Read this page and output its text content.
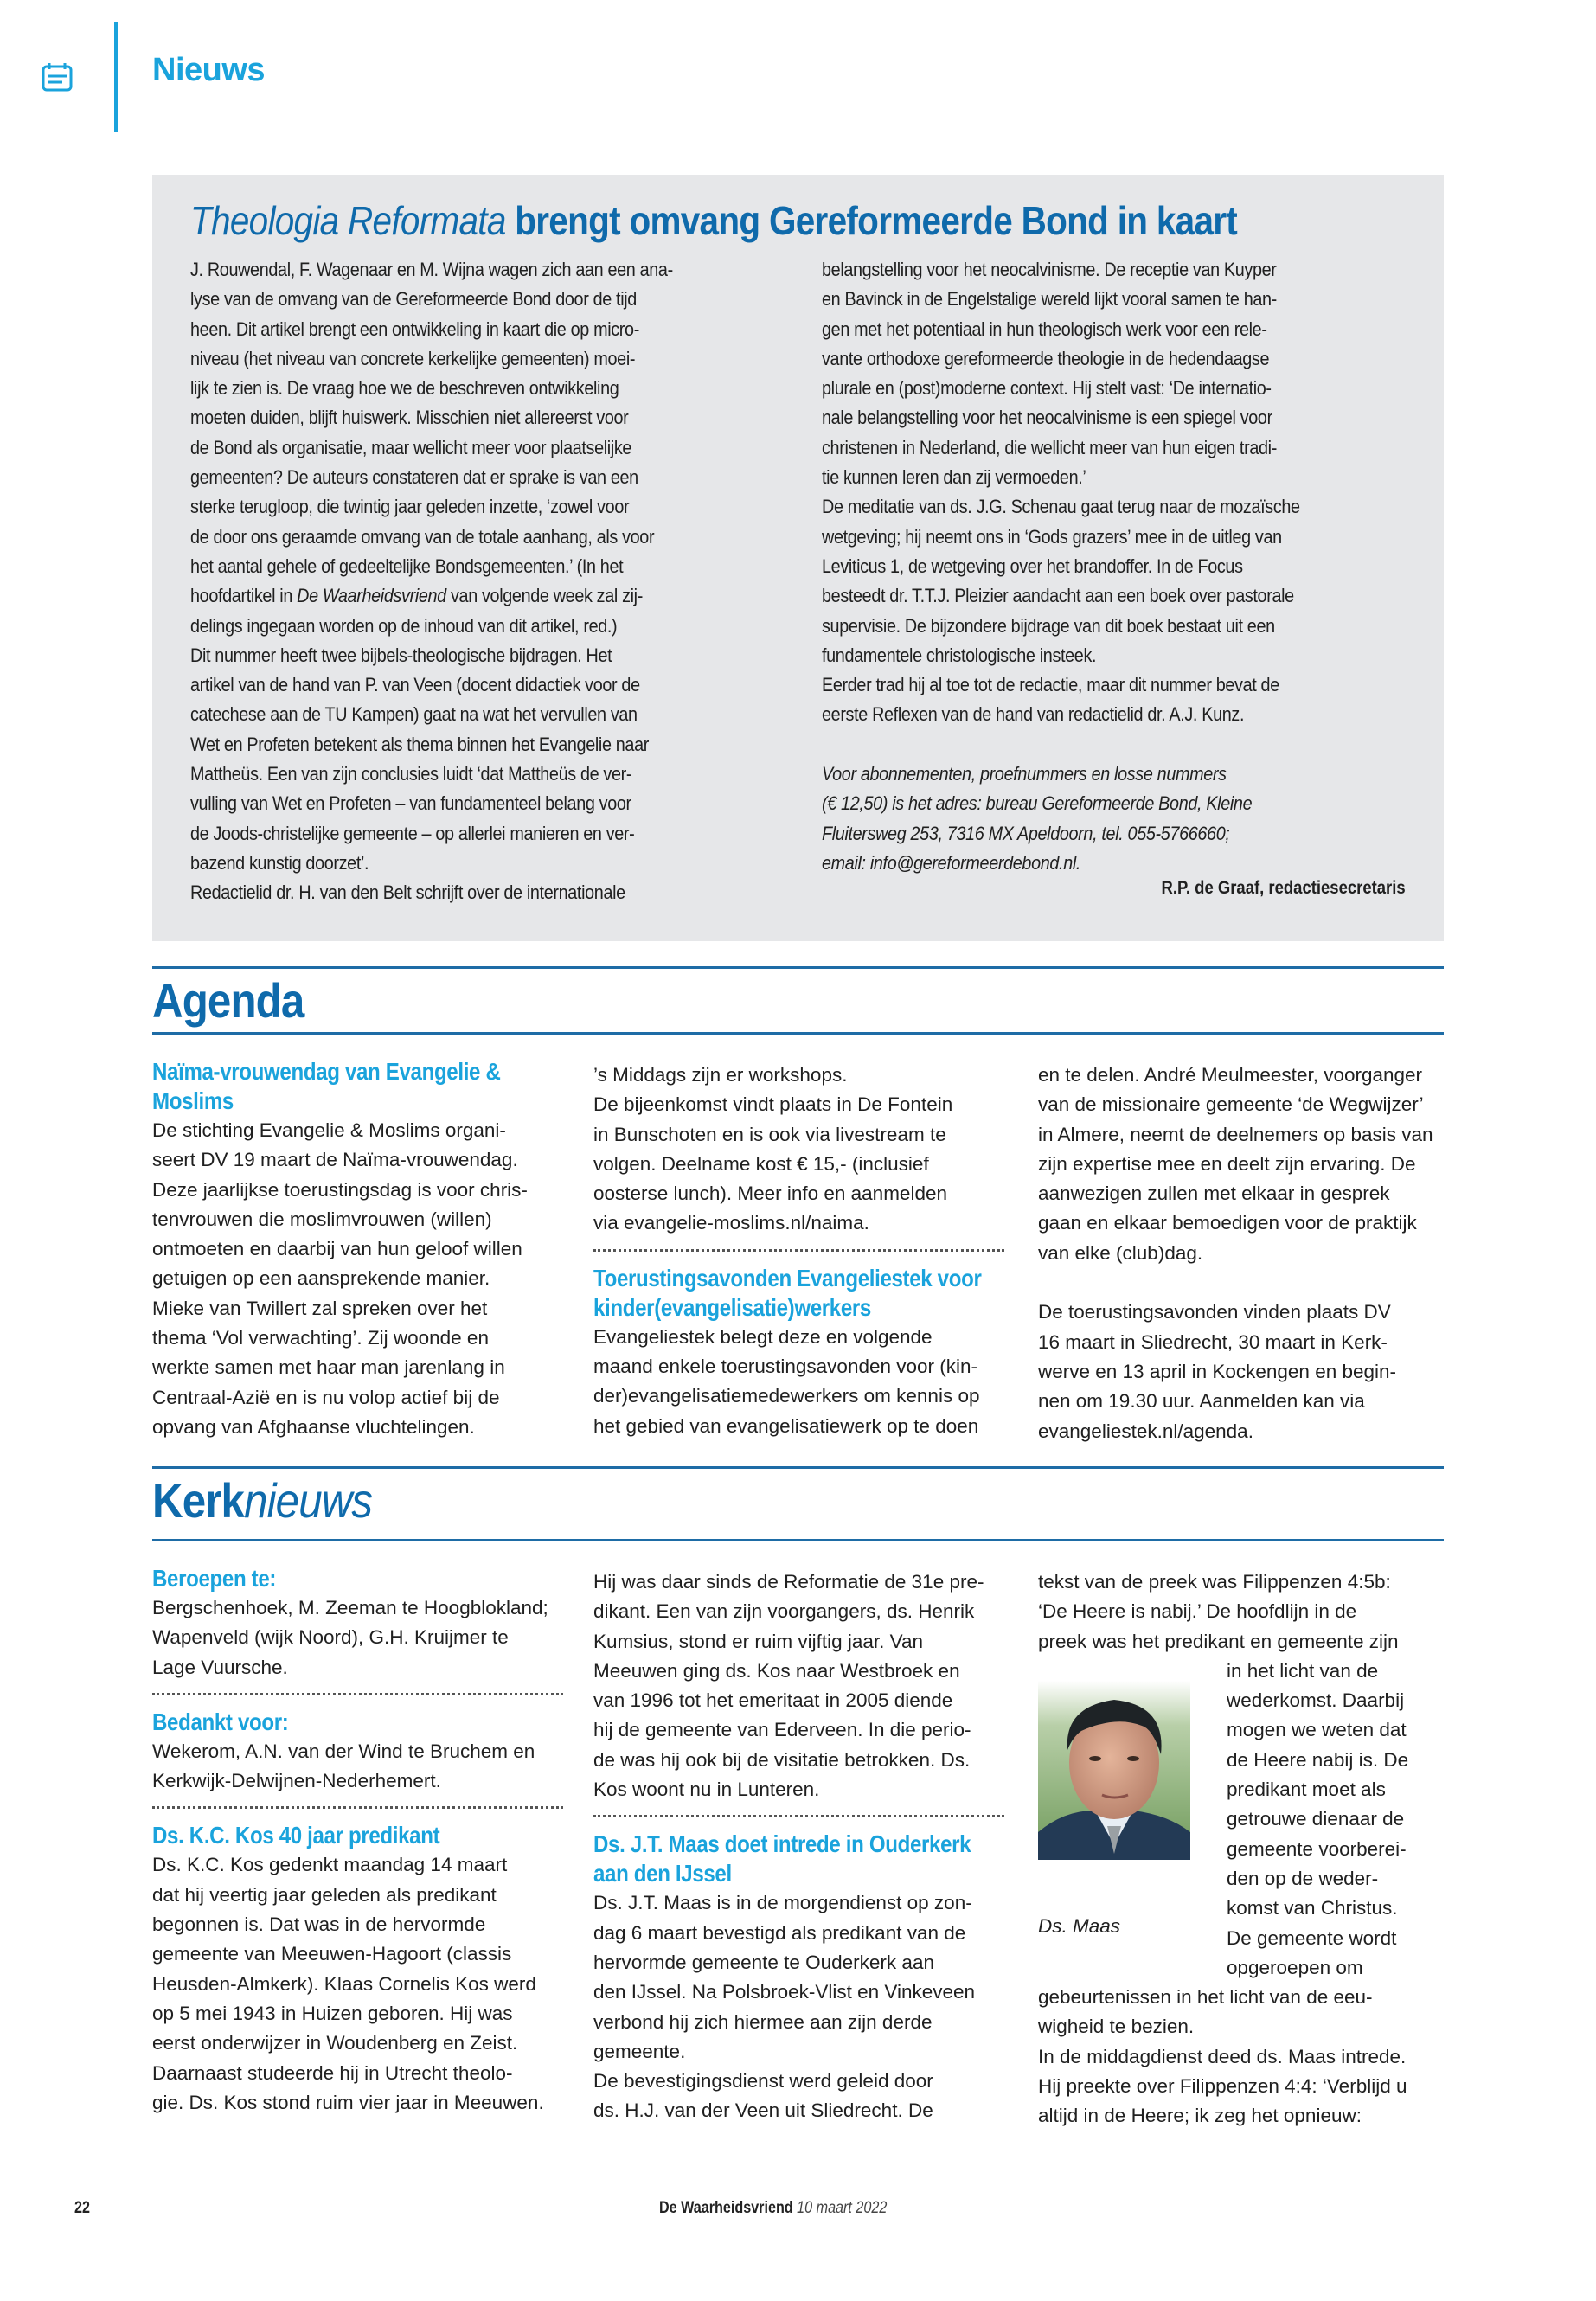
Nieuws
Theologia Reformata brengt omvang Gereformeerde Bond in kaart
J. Rouwendal, F. Wagenaar en M. Wijna wagen zich aan een ana-
lyse van de omvang van de Gereformeerde Bond door de tijd
heen. Dit artikel brengt een ontwikkeling in kaart die op micro-
niveau (het niveau van concrete kerkelijke gemeenten) moei-
lijk te zien is. De vraag hoe we de beschreven ontwikkeling
moeten duiden, blijft huiswerk. Misschien niet allereerst voor
de Bond als organisatie, maar wellicht meer voor plaatselijke
gemeenten? De auteurs constateren dat er sprake is van een
sterke terugloop, die twintig jaar geleden inzette, ‘zowel voor
de door ons geraamde omvang van de totale aanhang, als voor
het aantal gehele of gedeeltelijke Bondsgemeenten.’ (In het
hoofdartikel in De Waarheidsvriend van volgende week zal zij-
delings ingegaan worden op de inhoud van dit artikel, red.)
Dit nummer heeft twee bijbels-theologische bijdragen. Het
artikel van de hand van P. van Veen (docent didactiek voor de
catechese aan de TU Kampen) gaat na wat het vervullen van
Wet en Profeten betekent als thema binnen het Evangelie naar
Mattheüs. Een van zijn conclusies luidt ‘dat Mattheüs de ver-
vulling van Wet en Profeten – van fundamenteel belang voor
de Joods-christelijke gemeente – op allerlei manieren en ver-
bazend kunstig doorzet’.
Redactielid dr. H. van den Belt schrijft over de internationale
belangstelling voor het neocalvinisme. De receptie van Kuyper
en Bavinck in de Engelstalige wereld lijkt vooral samen te han-
gen met het potentiaal in hun theologisch werk voor een rele-
vante orthodoxe gereformeerde theologie in de hedendaagse
plurale en (post)moderne context. Hij stelt vast: ‘De internatio-
nale belangstelling voor het neocalvinisme is een spiegel voor
christenen in Nederland, die wellicht meer van hun eigen tradi-
tie kunnen leren dan zij vermoeden.’
De meditatie van ds. J.G. Schenau gaat terug naar de mozaïsche
wetgeving; hij neemt ons in ‘Gods grazers’ mee in de uitleg van
Leviticus 1, de wetgeving over het brandoffer. In de Focus
besteedt dr. T.T.J. Pleizier aandacht aan een boek over pastorale
supervisie. De bijzondere bijdrage van dit boek bestaat uit een
fundamentele christologische insteek.
Eerder trad hij al toe tot de redactie, maar dit nummer bevat de
eerste Reflexen van de hand van redactielid dr. A.J. Kunz.
Voor abonnementen, proefnummers en losse nummers
(€ 12,50) is het adres: bureau Gereformeerde Bond, Kleine
Fluitersweg 253, 7316 MX Apeldoorn, tel. 055-5766660;
email: info@gereformeerdebond.nl.
R.P. de Graaf, redactiesecretaris
Agenda
Naïma-vrouwendag van Evangelie &
Moslims
De stichting Evangelie & Moslims organi-
seert DV 19 maart de Naïma-vrouwendag.
Deze jaarlijkse toerustingsdag is voor chris-
tenvrouwen die moslimvrouwen (willen)
ontmoeten en daarbij van hun geloof willen
getuigen op een aansprekende manier.
Mieke van Twillert zal spreken over het
thema ‘Vol verwachting’. Zij woonde en
werkte samen met haar man jarenlang in
Centraal-Azië en is nu volop actief bij de
opvang van Afghaanse vluchtelingen.
’s Middags zijn er workshops.
De bijeenkomst vindt plaats in De Fontein
in Bunschoten en is ook via livestream te
volgen. Deelname kost € 15,- (inclusief
oosterse lunch). Meer info en aanmelden
via evangelie-moslims.nl/naima.
Toerustingsavonden Evangeliestek voor
kinder(evangelisatie)werkers
Evangeliestek belegt deze en volgende
maand enkele toerustingsavonden voor (kin-
der)evangelisatiemedewerkers om kennis op
het gebied van evangelisatiewerk op te doen
en te delen. André Meulmeester, voorganger
van de missionaire gemeente ‘de Wegwijzer’
in Almere, neemt de deelnemers op basis van
zijn expertise mee en deelt zijn ervaring. De
aanwezigen zullen met elkaar in gesprek
gaan en elkaar bemoedigen voor de praktijk
van elke (club)dag.
De toerustingsavonden vinden plaats DV
16 maart in Sliedrecht, 30 maart in Kerk-
werve en 13 april in Kockengen en begin-
nen om 19.30 uur. Aanmelden kan via
evangeliestek.nl/agenda.
Kerknieuws
Beroepen te:
Bergschenhoek, M. Zeeman te Hoogblokland;
Wapenveld (wijk Noord), G.H. Kruijmer te
Lage Vuursche.
Bedankt voor:
Wekerom, A.N. van der Wind te Bruchem en
Kerkwijk-Delwijnen-Nederhemert.
Ds. K.C. Kos 40 jaar predikant
Ds. K.C. Kos gedenkt maandag 14 maart
dat hij veertig jaar geleden als predikant
begonnen is. Dat was in de hervormde
gemeente van Meeuwen-Hagoort (classis
Heusden-Almkerk). Klaas Cornelis Kos werd
op 5 mei 1943 in Huizen geboren. Hij was
eerst onderwijzer in Woudenberg en Zeist.
Daarnaast studeerde hij in Utrecht theolo-
gie. Ds. Kos stond ruim vier jaar in Meeuwen.
Hij was daar sinds de Reformatie de 31e pre-
dikant. Een van zijn voorgangers, ds. Henrik
Kumsius, stond er ruim vijftig jaar. Van
Meeuwen ging ds. Kos naar Westbroek en
van 1996 tot het emeritaat in 2005 diende
hij de gemeente van Ederveen. In die perio-
de was hij ook bij de visitatie betrokken. Ds.
Kos woont nu in Lunteren.
Ds. J.T. Maas doet intrede in Ouderkerk
aan den IJssel
Ds. J.T. Maas is in de morgendienst op zon-
dag 6 maart bevestigd als predikant van de
hervormde gemeente te Ouderkerk aan
den IJssel. Na Polsbroek-Vlist en Vinkeveen
verbond hij zich hiermee aan zijn derde
gemeente.
De bevestigingsdienst werd geleid door
ds. H.J. van der Veen uit Sliedrecht. De
tekst van de preek was Filippenzen 4:5b:
‘De Heere is nabij.’ De hoofdlijn in de
preek was het predikant en gemeente zijn
in het licht van de
wederkomst. Daarbij
mogen we weten dat
de Heere nabij is. De
predikant moet als
getrouwe dienaar de
gemeente voorberei-
den op de weder-
komst van Christus.
De gemeente wordt
opgeroepen om
gebeurtenissen in het licht van de eeu-
wigheid te bezien.
In de middagdienst deed ds. Maas intrede.
Hij preekte over Filippenzen 4:4: ‘Verblijd u
altijd in de Heere; ik zeg het opnieuw:
Ds. Maas
22	De Waarheidsvriend 10 maart 2022
